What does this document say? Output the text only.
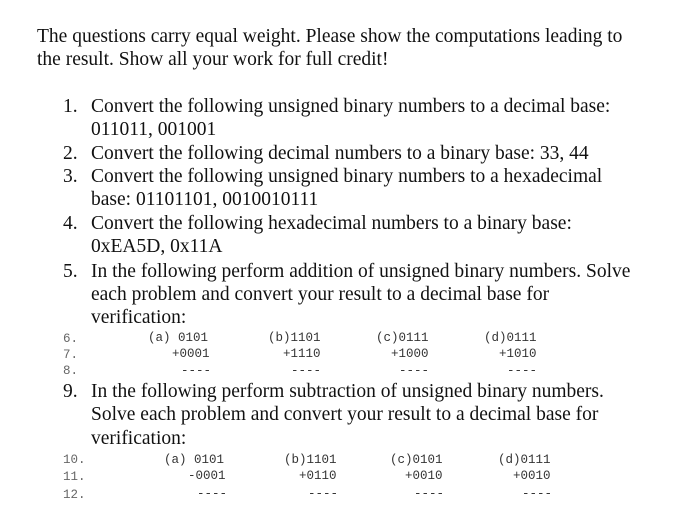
The questions carry equal weight. Please show the computations leading to
the result. Show all your work for full credit!
1. Convert the following unsigned binary numbers to a decimal base:
011011, 001001
2. Convert the following decimal numbers to a binary base: 33, 44
3. Convert the following unsigned binary numbers to a hexadecimal
base: 01101101, 0010010111
4. Convert the following hexadecimal numbers to a binary base:
0xEA5D, 0x11A
5. In the following perform addition of unsigned binary numbers. Solve
each problem and convert your result to a decimal base for
verification:
6.
7.
8.
(a) 0101
+0001
----
(b)1101
+1110
----
(c)0111
+1000
----
(d)0111
+1010
----
9. In the following perform subtraction of unsigned binary numbers.
Solve each problem and convert your result to a decimal base for
verification:
10.
11.
12.
(a) 0101
-0001
----
(b)1101
+0110
----
(c)0101
+0010
----
(d)0111
+0010
----
